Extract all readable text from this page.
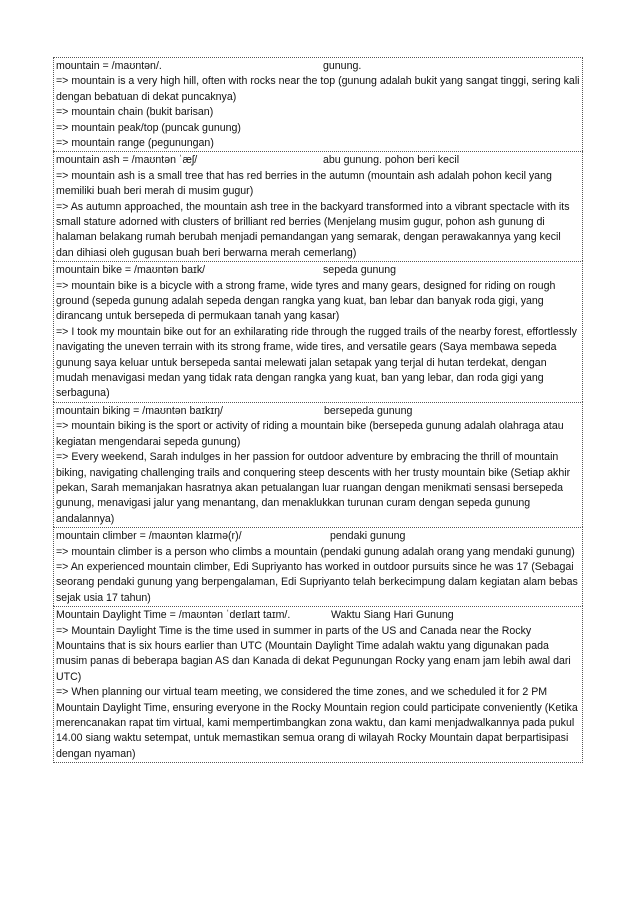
mountain = /maʊntən/.	gunung.

=> mountain is a very high hill, often with rocks near the top (gunung adalah bukit yang sangat tinggi, sering kali dengan bebatuan di dekat puncaknya)

=> mountain chain (bukit barisan)

=> mountain peak/top (puncak gunung)

=> mountain range (pegunungan)

mountain ash = /maʊntən ˈæʃ/	abu gunung. pohon beri kecil

=> mountain ash is a small tree that has red berries in the autumn (mountain ash adalah pohon kecil yang memiliki buah beri merah di musim gugur)

=> As autumn approached, the mountain ash tree in the backyard transformed into a vibrant spectacle with its small stature adorned with clusters of brilliant red berries (Menjelang musim gugur, pohon ash gunung di halaman belakang rumah berubah menjadi pemandangan yang semarak, dengan perawakannya yang kecil dan dihiasi oleh gugusan buah beri berwarna merah cemerlang)

mountain bike = /maʊntən baɪk/	sepeda gunung

=> mountain bike is a bicycle with a strong frame, wide tyres and many gears, designed for riding on rough ground (sepeda gunung adalah sepeda dengan rangka yang kuat, ban lebar dan banyak roda gigi, yang dirancang untuk bersepeda di permukaan tanah yang kasar)

=> I took my mountain bike out for an exhilarating ride through the rugged trails of the nearby forest, effortlessly navigating the uneven terrain with its strong frame, wide tires, and versatile gears (Saya membawa sepeda gunung saya keluar untuk bersepeda santai melewati jalan setapak yang terjal di hutan terdekat, dengan mudah menavigasi medan yang tidak rata dengan rangka yang kuat, ban yang lebar, dan roda gigi yang serbaguna)

mountain biking = /maʊntən baɪkɪŋ/	bersepeda gunung

=> mountain biking is the sport or activity of riding a mountain bike (bersepeda gunung adalah olahraga atau kegiatan mengendarai sepeda gunung)

=> Every weekend, Sarah indulges in her passion for outdoor adventure by embracing the thrill of mountain biking, navigating challenging trails and conquering steep descents with her trusty mountain bike (Setiap akhir pekan, Sarah memanjakan hasratnya akan petualangan luar ruangan dengan menikmati sensasi bersepeda gunung, menavigasi jalur yang menantang, dan menaklukkan turunan curam dengan sepeda gunung andalannya)

mountain climber = /maʊntən klaɪmə(r)/	pendaki gunung

=> mountain climber is a person who climbs a mountain (pendaki gunung adalah orang yang mendaki gunung)

=> An experienced mountain climber, Edi Supriyanto has worked in outdoor pursuits since he was 17 (Sebagai seorang pendaki gunung yang berpengalaman, Edi Supriyanto telah berkecimpung dalam kegiatan alam bebas sejak usia 17 tahun)

Mountain Daylight Time = /maʊntən ˈdeɪlaɪt taɪm/.	Waktu Siang Hari Gunung

=> Mountain Daylight Time is the time used in summer in parts of the US and Canada near the Rocky Mountains that is six hours earlier than UTC (Mountain Daylight Time adalah waktu yang digunakan pada musim panas di beberapa bagian AS dan Kanada di dekat Pegunungan Rocky yang enam jam lebih awal dari UTC)

=> When planning our virtual team meeting, we considered the time zones, and we scheduled it for 2 PM Mountain Daylight Time, ensuring everyone in the Rocky Mountain region could participate conveniently (Ketika merencanakan rapat tim virtual, kami mempertimbangkan zona waktu, dan kami menjadwalkannya pada pukul 14.00 siang waktu setempat, untuk memastikan semua orang di wilayah Rocky Mountain dapat berpartisipasi dengan nyaman)
